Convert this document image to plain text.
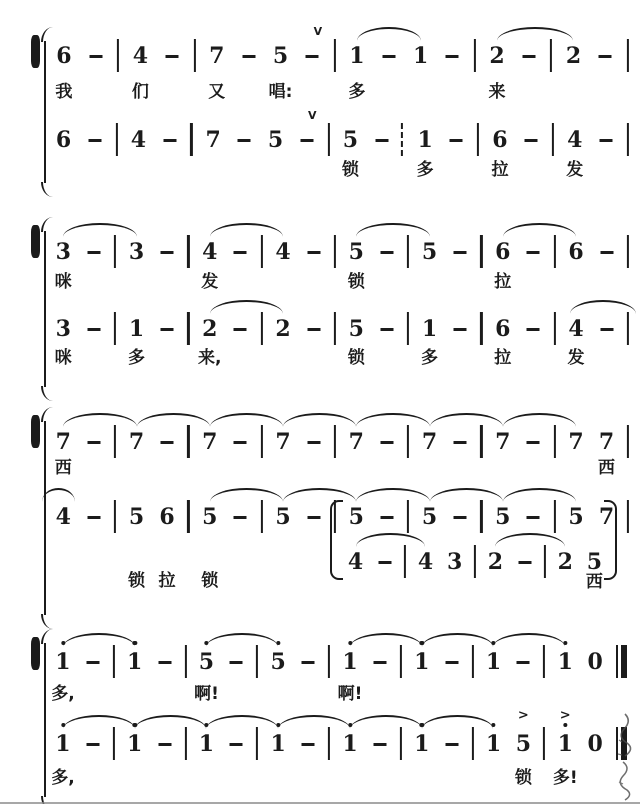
6	4	7 5
V
1 1	2	2
我	们	又	唱:	多	来
6	4	7 5
V
5	1	6	4
锁	多	拉	发
3	3	4	4	5	5	6	6
咪	发	锁	拉
3	1	2	2	5	1	6	4
咪	多	来,	锁	多	拉	发
7	7	7	7	7	7	7	7 7
西	西
4	5 6 5	5	5	5	5	5 7
锁 拉 锁
4 4 3 2 2 5
西
1	1	5	5	1	1	1	1 0
多,	啊!	啊!
1	1	1	1	1	1	1 5
>
1
>
0
多,	锁 多!
